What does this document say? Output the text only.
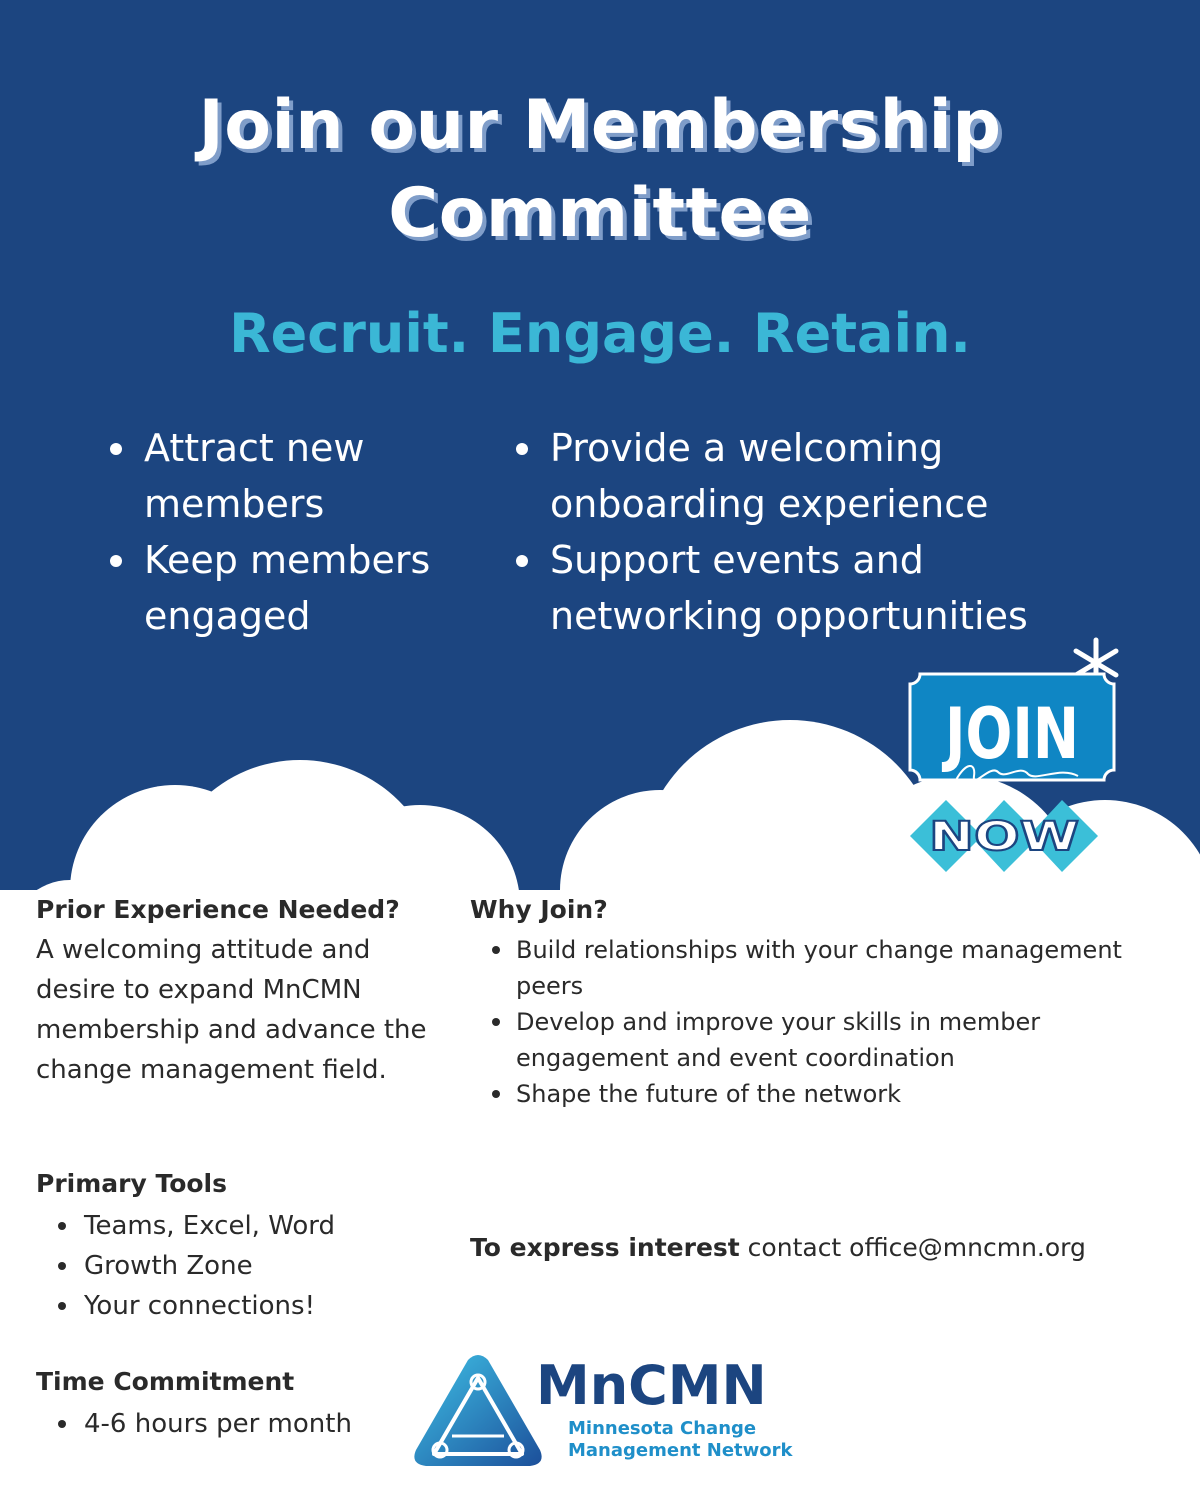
Join our Membership
Committee
Recruit. Engage. Retain.
Attract new members
Keep members engaged
Provide a welcoming onboarding experience
Support events and networking opportunities
JOIN
NOW
Prior Experience Needed?

A welcoming attitude and desire to expand MnCMN membership and advance the change management field.

Primary Tools
Teams, Excel, Word
Growth Zone
Your connections!
Time Commitment
4-6 hours per month
Why Join?
Build relationships with your change management peers
Develop and improve your skills in member engagement and event coordination
Shape the future of the network
To express interest contact office@mncmn.org
MnCMN
Minnesota Change
Management Network
